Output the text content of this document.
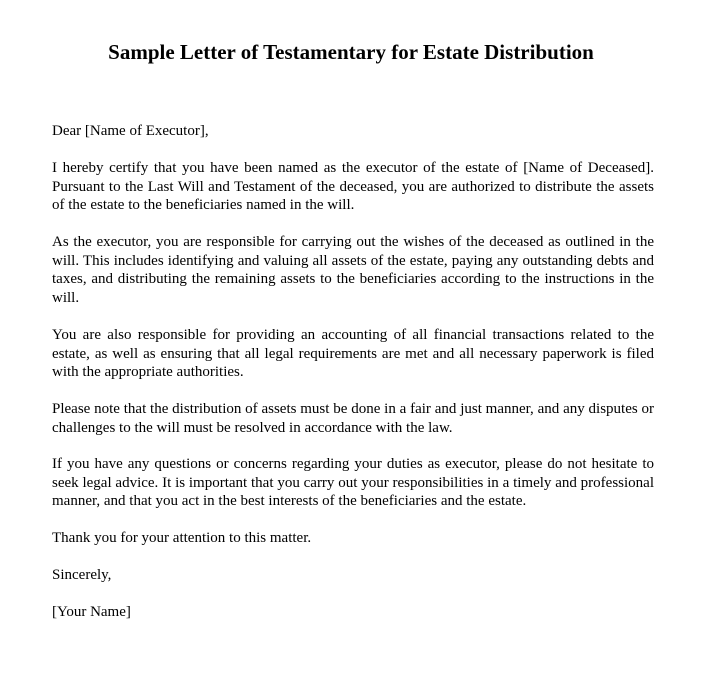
Sample Letter of Testamentary for Estate Distribution

Dear [Name of Executor],

I hereby certify that you have been named as the executor of the estate of [Name of Deceased]. Pursuant to the Last Will and Testament of the deceased, you are authorized to distribute the assets of the estate to the beneficiaries named in the will.

As the executor, you are responsible for carrying out the wishes of the deceased as outlined in the will. This includes identifying and valuing all assets of the estate, paying any outstanding debts and taxes, and distributing the remaining assets to the beneficiaries according to the instructions in the will.

You are also responsible for providing an accounting of all financial transactions related to the estate, as well as ensuring that all legal requirements are met and all necessary paperwork is filed with the appropriate authorities.

Please note that the distribution of assets must be done in a fair and just manner, and any disputes or challenges to the will must be resolved in accordance with the law.

If you have any questions or concerns regarding your duties as executor, please do not hesitate to seek legal advice. It is important that you carry out your responsibilities in a timely and professional manner, and that you act in the best interests of the beneficiaries and the estate.

Thank you for your attention to this matter.

Sincerely,

[Your Name]
